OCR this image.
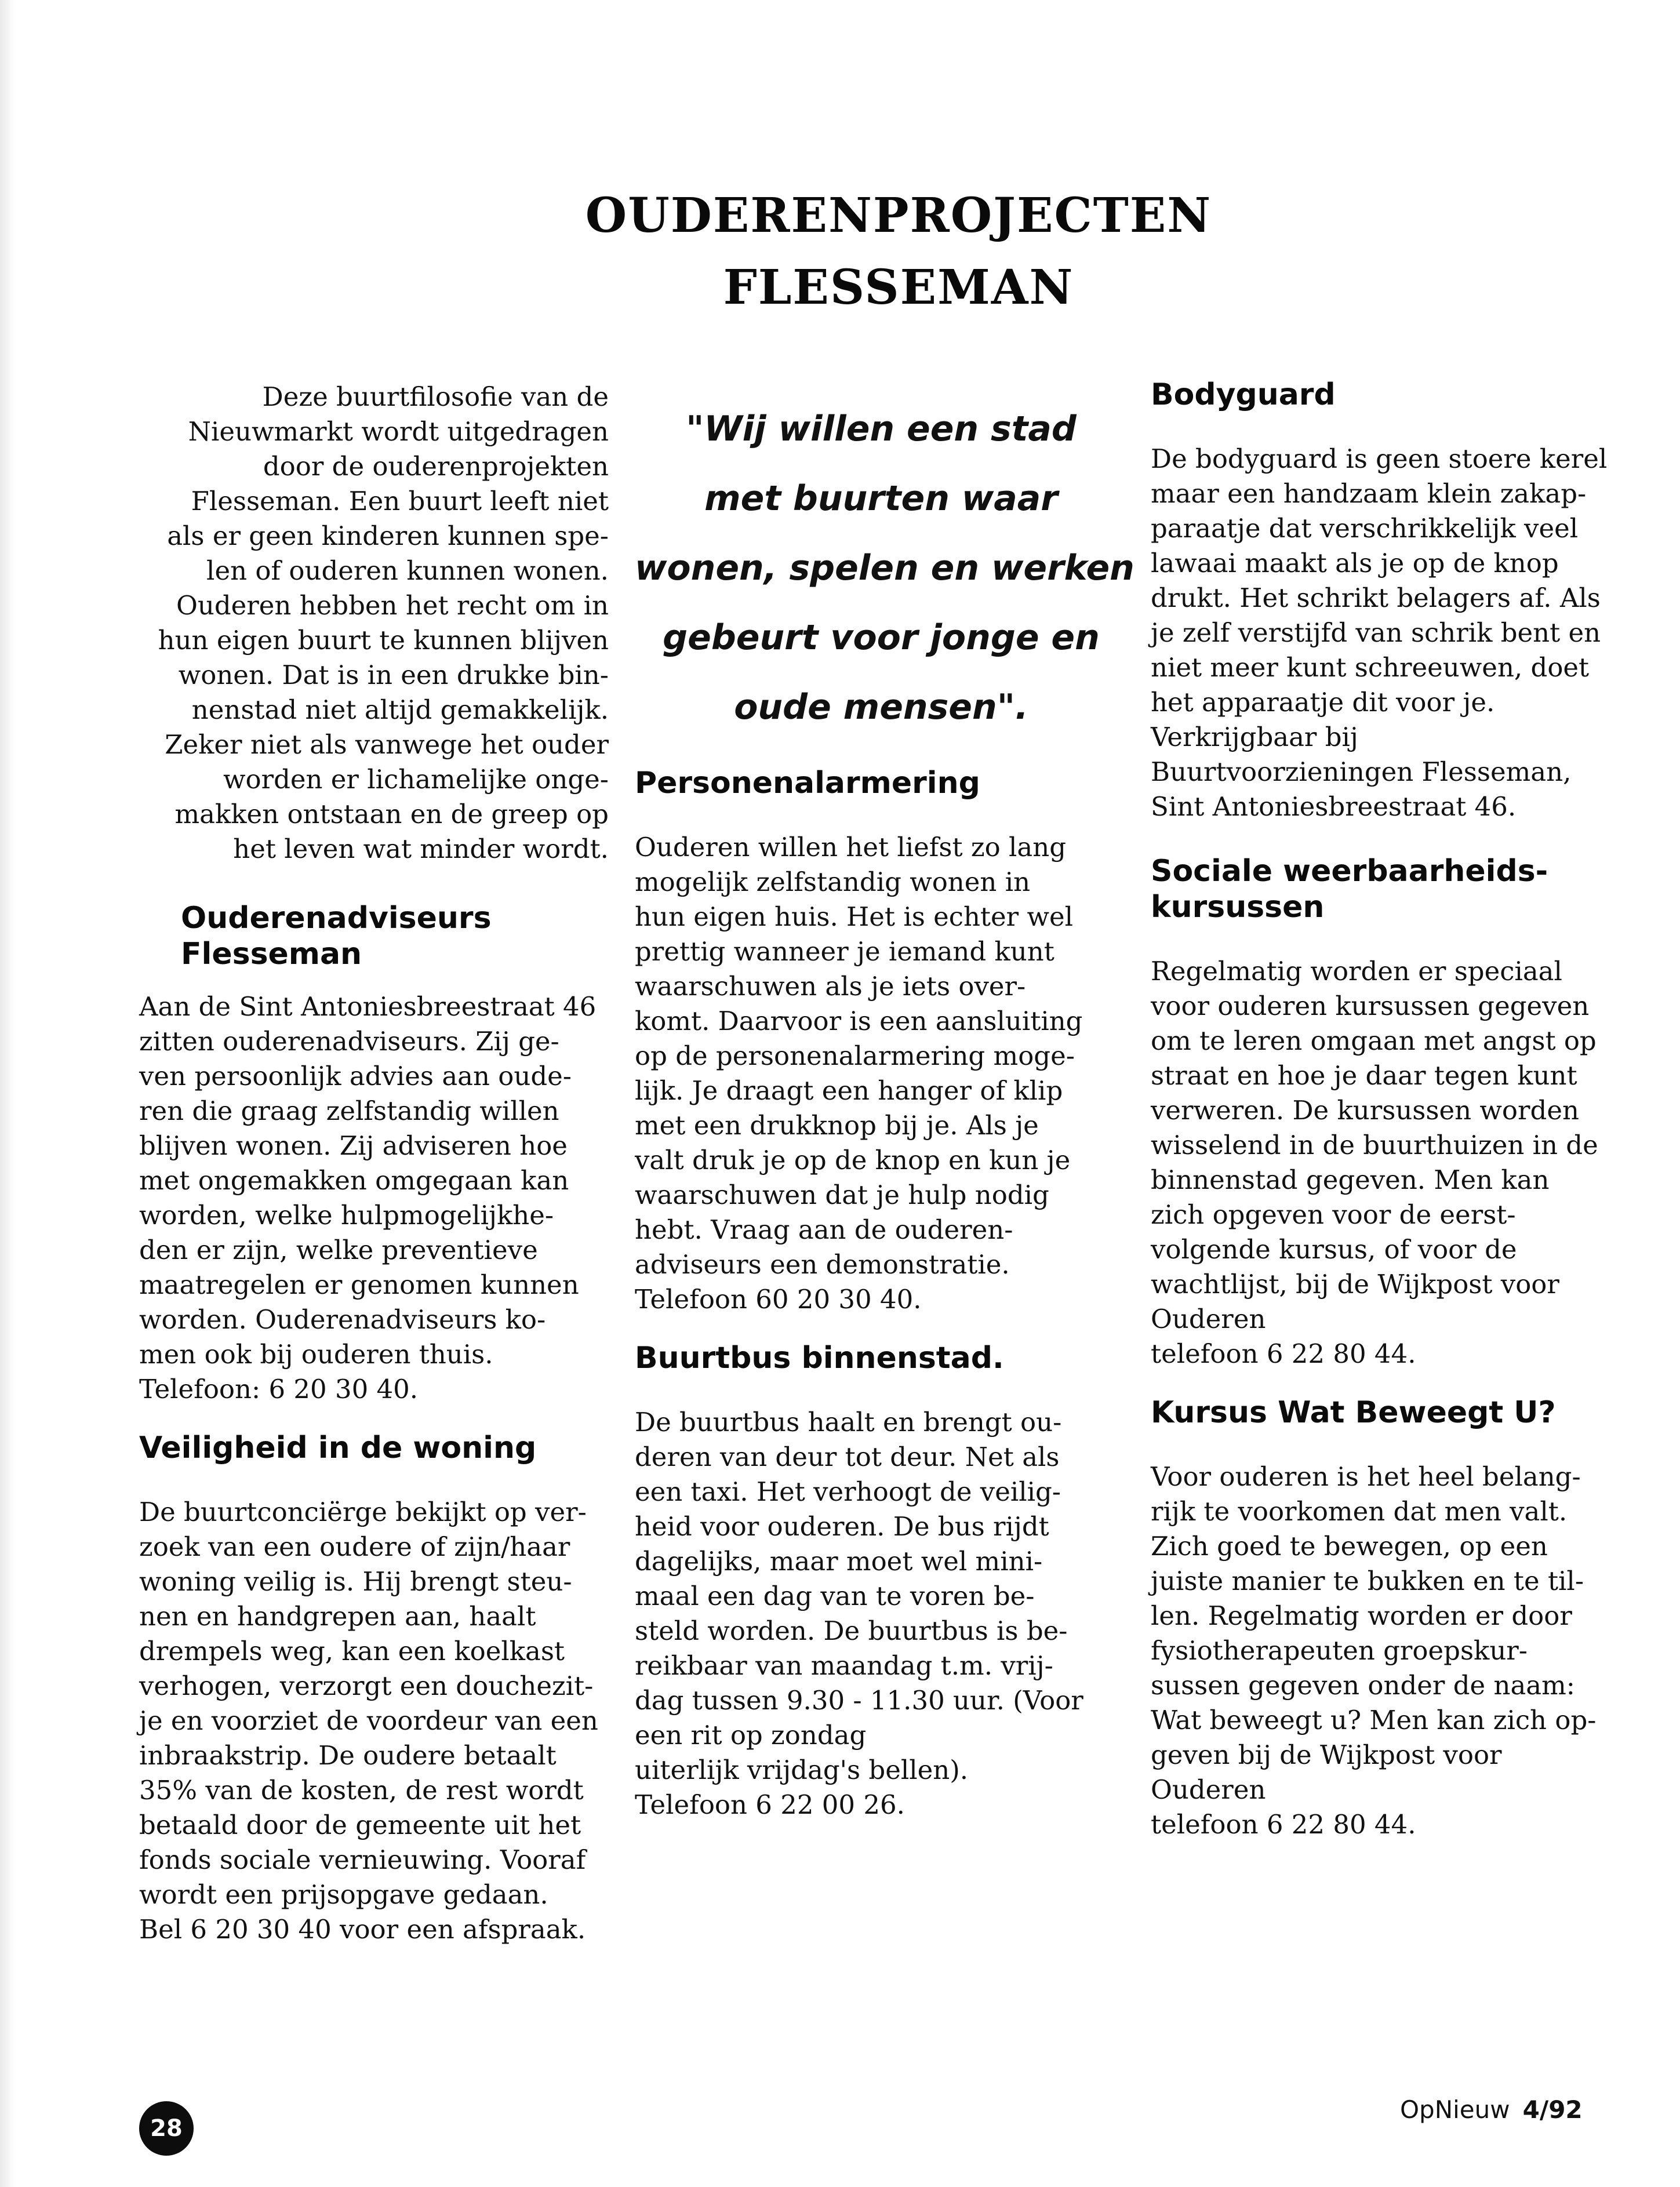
OUDERENPROJECTEN
FLESSEMAN

Deze buurtfilosofie van de

Nieuwmarkt wordt uitgedragen

door de ouderenprojekten

Flesseman. Een buurt leeft niet

als er geen kinderen kunnen spe-

len of ouderen kunnen wonen.

Ouderen hebben het recht om in

hun eigen buurt te kunnen blijven

wonen. Dat is in een drukke bin-

nenstad niet altijd gemakkelijk.

Zeker niet als vanwege het ouder

worden er lichamelijke onge-

makken ontstaan en de greep op

het leven wat minder wordt.

Ouderenadviseurs
Flesseman

Aan de Sint Antoniesbreestraat 46

zitten ouderenadviseurs. Zij ge-

ven persoonlijk advies aan oude-

ren die graag zelfstandig willen

blijven wonen. Zij adviseren hoe

met ongemakken omgegaan kan

worden, welke hulpmogelijkhe-

den er zijn, welke preventieve

maatregelen er genomen kunnen

worden. Ouderenadviseurs ko-

men ook bij ouderen thuis.

Telefoon: 6 20 30 40.

Veiligheid in de woning

De buurtconciërge bekijkt op ver-

zoek van een oudere of zijn/haar

woning veilig is. Hij brengt steu-

nen en handgrepen aan, haalt

drempels weg, kan een koelkast

verhogen, verzorgt een douchezit-

je en voorziet de voordeur van een

inbraakstrip. De oudere betaalt

35% van de kosten, de rest wordt

betaald door de gemeente uit het

fonds sociale vernieuwing. Vooraf

wordt een prijsopgave gedaan.

Bel 6 20 30 40 voor een afspraak.

"Wij willen een stad
met buurten waar
wonen, spelen en werken
gebeurt voor jonge en
oude mensen".
Personenalarmering

Ouderen willen het liefst zo lang

mogelijk zelfstandig wonen in

hun eigen huis. Het is echter wel

prettig wanneer je iemand kunt

waarschuwen als je iets over-

komt. Daarvoor is een aansluiting

op de personenalarmering moge-

lijk. Je draagt een hanger of klip

met een drukknop bij je. Als je

valt druk je op de knop en kun je

waarschuwen dat je hulp nodig

hebt. Vraag aan de ouderen-

adviseurs een demonstratie.

Telefoon 60 20 30 40.

Buurtbus binnenstad.

De buurtbus haalt en brengt ou-

deren van deur tot deur. Net als

een taxi. Het verhoogt de veilig-

heid voor ouderen. De bus rijdt

dagelijks, maar moet wel mini-

maal een dag van te voren be-

steld worden. De buurtbus is be-

reikbaar van maandag t.m. vrij-

dag tussen 9.30 - 11.30 uur. (Voor

een rit op zondag

uiterlijk vrijdag's bellen).

Telefoon 6 22 00 26.

Bodyguard

De bodyguard is geen stoere kerel

maar een handzaam klein zakap-

paraatje dat verschrikkelijk veel

lawaai maakt als je op de knop

drukt. Het schrikt belagers af. Als

je zelf verstijfd van schrik bent en

niet meer kunt schreeuwen, doet

het apparaatje dit voor je.

Verkrijgbaar bij

Buurtvoorzieningen Flesseman,

Sint Antoniesbreestraat 46.

Sociale weerbaarheids-
kursussen

Regelmatig worden er speciaal

voor ouderen kursussen gegeven

om te leren omgaan met angst op

straat en hoe je daar tegen kunt

verweren. De kursussen worden

wisselend in de buurthuizen in de

binnenstad gegeven. Men kan

zich opgeven voor de eerst-

volgende kursus, of voor de

wachtlijst, bij de Wijkpost voor

Ouderen

telefoon 6 22 80 44.

Kursus Wat Beweegt U?

Voor ouderen is het heel belang-

rijk te voorkomen dat men valt.

Zich goed te bewegen, op een

juiste manier te bukken en te til-

len. Regelmatig worden er door

fysiotherapeuten groepskur-

sussen gegeven onder de naam:

Wat beweegt u? Men kan zich op-

geven bij de Wijkpost voor

Ouderen

telefoon 6 22 80 44.

28
OpNieuw 4/92
